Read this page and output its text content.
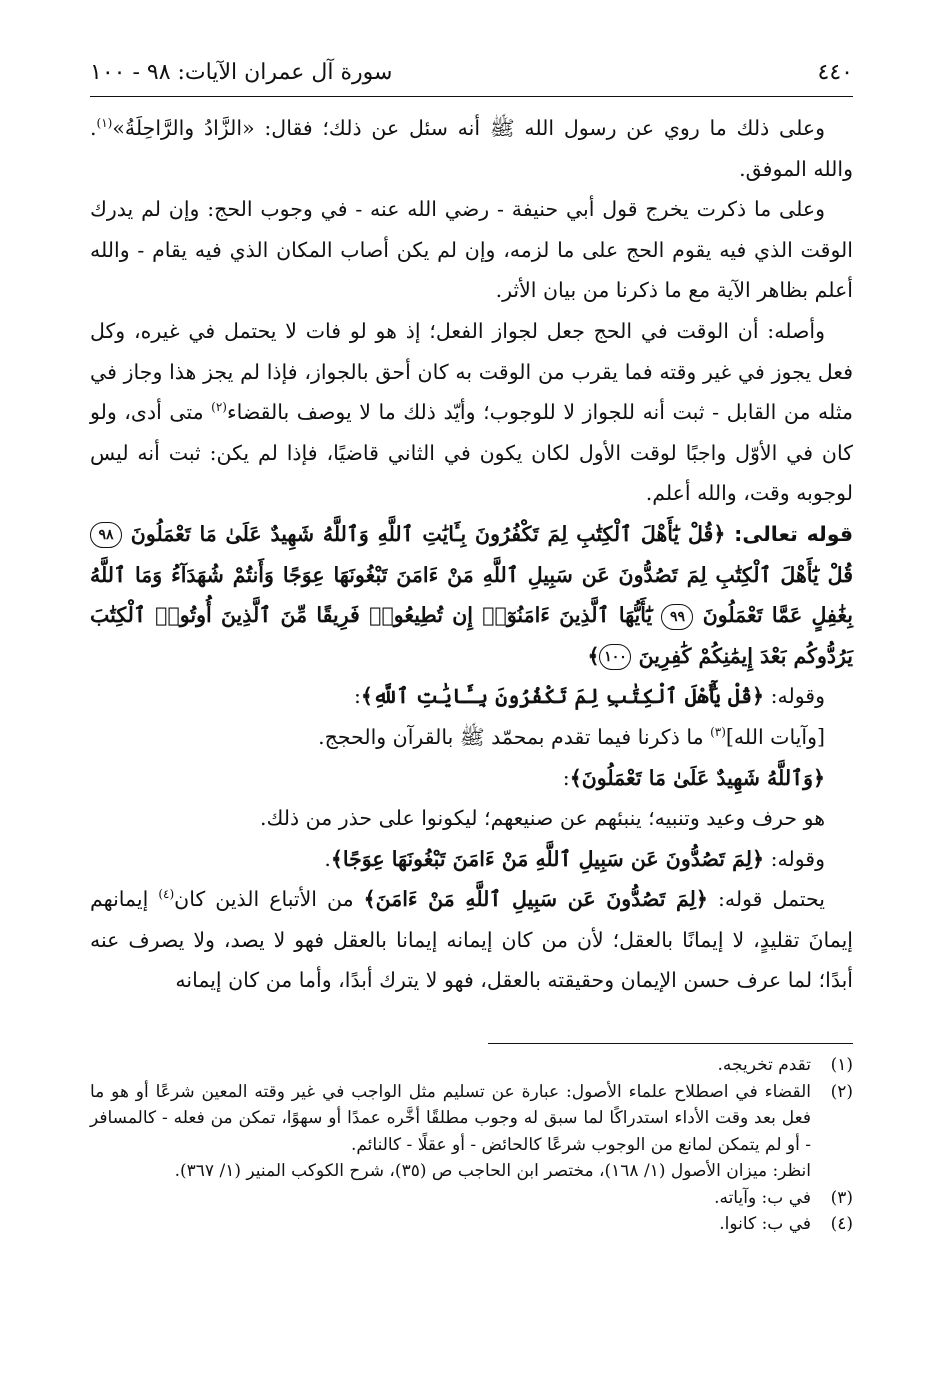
٤٤٠
سورة آل عمران الآيات: ٩٨ - ١٠٠

وعلى ذلك ما روي عن رسول الله ﷺ أنه سئل عن ذلك؛ فقال: «الزَّادُ والرَّاحِلَةُ»$^{(١)}$. والله الموفق.

وعلى ما ذكرت يخرج قول أبي حنيفة - رضي الله عنه - في وجوب الحج: وإن لم يدرك الوقت الذي فيه يقوم الحج على ما لزمه، وإن لم يكن أصاب المكان الذي فيه يقام - والله أعلم بظاهر الآية مع ما ذكرنا من بيان الأثر.

وأصله: أن الوقت في الحج جعل لجواز الفعل؛ إذ هو لو فات لا يحتمل في غيره، وكل فعل يجوز في غير وقته فما يقرب من الوقت به كان أحق بالجواز، فإذا لم يجز هذا وجاز في مثله من القابل - ثبت أنه للجواز لا للوجوب؛ وأيّد ذلك ما لا يوصف بالقضاء$^{(٢)}$ متى أدى، ولو كان في الأوّل واجبًا لوقت الأول لكان يكون في الثاني قاضيًا، فإذا لم يكن: ثبت أنه ليس لوجوبه وقت، والله أعلم.

قوله تعالى: ﴿قُلْ يَٰٓأَهْلَ ٱلْكِتَٰبِ لِمَ تَكْفُرُونَ بِـَٔايَٰتِ ٱللَّهِ وَٱللَّهُ شَهِيدٌ عَلَىٰ مَا تَعْمَلُونَ ٩٨ قُلْ يَٰٓأَهْلَ ٱلْكِتَٰبِ لِمَ تَصُدُّونَ عَن سَبِيلِ ٱللَّهِ مَنْ ءَامَنَ تَبْغُونَهَا عِوَجًا وَأَنتُمْ شُهَدَآءُ وَمَا ٱللَّهُ بِغَٰفِلٍ عَمَّا تَعْمَلُونَ ٩٩ يَٰٓأَيُّهَا ٱلَّذِينَ ءَامَنُوٓا۟ إِن تُطِيعُوا۟ فَرِيقًا مِّنَ ٱلَّذِينَ أُوتُوا۟ ٱلْكِتَٰبَ يَرُدُّوكُم بَعْدَ إِيمَٰنِكُمْ كَٰفِرِينَ ١٠٠﴾

وقوله: ﴿قُلْ يَٰٓأَهْلَ ٱلْكِتَٰبِ لِمَ تَكْفُرُونَ بِـَٔايَٰتِ ٱللَّهِ﴾:

[وآيات الله]$^{(٣)}$ ما ذكرنا فيما تقدم بمحمّد ﷺ بالقرآن والحجج.

﴿وَٱللَّهُ شَهِيدٌ عَلَىٰ مَا تَعْمَلُونَ﴾:

هو حرف وعيد وتنبيه؛ ينبئهم عن صنيعهم؛ ليكونوا على حذر من ذلك.

وقوله: ﴿لِمَ تَصُدُّونَ عَن سَبِيلِ ٱللَّهِ مَنْ ءَامَنَ تَبْغُونَهَا عِوَجًا﴾.

يحتمل قوله: ﴿لِمَ تَصُدُّونَ عَن سَبِيلِ ٱللَّهِ مَنْ ءَامَنَ﴾ من الأتباع الذين كان$^{(٤)}$ إيمانهم إيمانَ تقليدٍ، لا إيمانًا بالعقل؛ لأن من كان إيمانه إيمانا بالعقل فهو لا يصد، ولا يصرف عنه أبدًا؛ لما عرف حسن الإيمان وحقيقته بالعقل، فهو لا يترك أبدًا، وأما من كان إيمانه

(١)
تقدم تخريجه.
(٢)
القضاء في اصطلاح علماء الأصول: عبارة عن تسليم مثل الواجب في غير وقته المعين شرعًا أو هو ما فعل بعد وقت الأداء استدراكًا لما سبق له وجوب مطلقًا أخَّره عمدًا أو سهوًا، تمكن من فعله - كالمسافر - أو لم يتمكن لمانع من الوجوب شرعًا كالحائض - أو عقلًا - كالنائم.
انظر: ميزان الأصول (١/ ١٦٨)، مختصر ابن الحاجب ص (٣٥)، شرح الكوكب المنير (١/ ٣٦٧).
(٣)
في ب: وآياته.
(٤)
في ب: كانوا.
